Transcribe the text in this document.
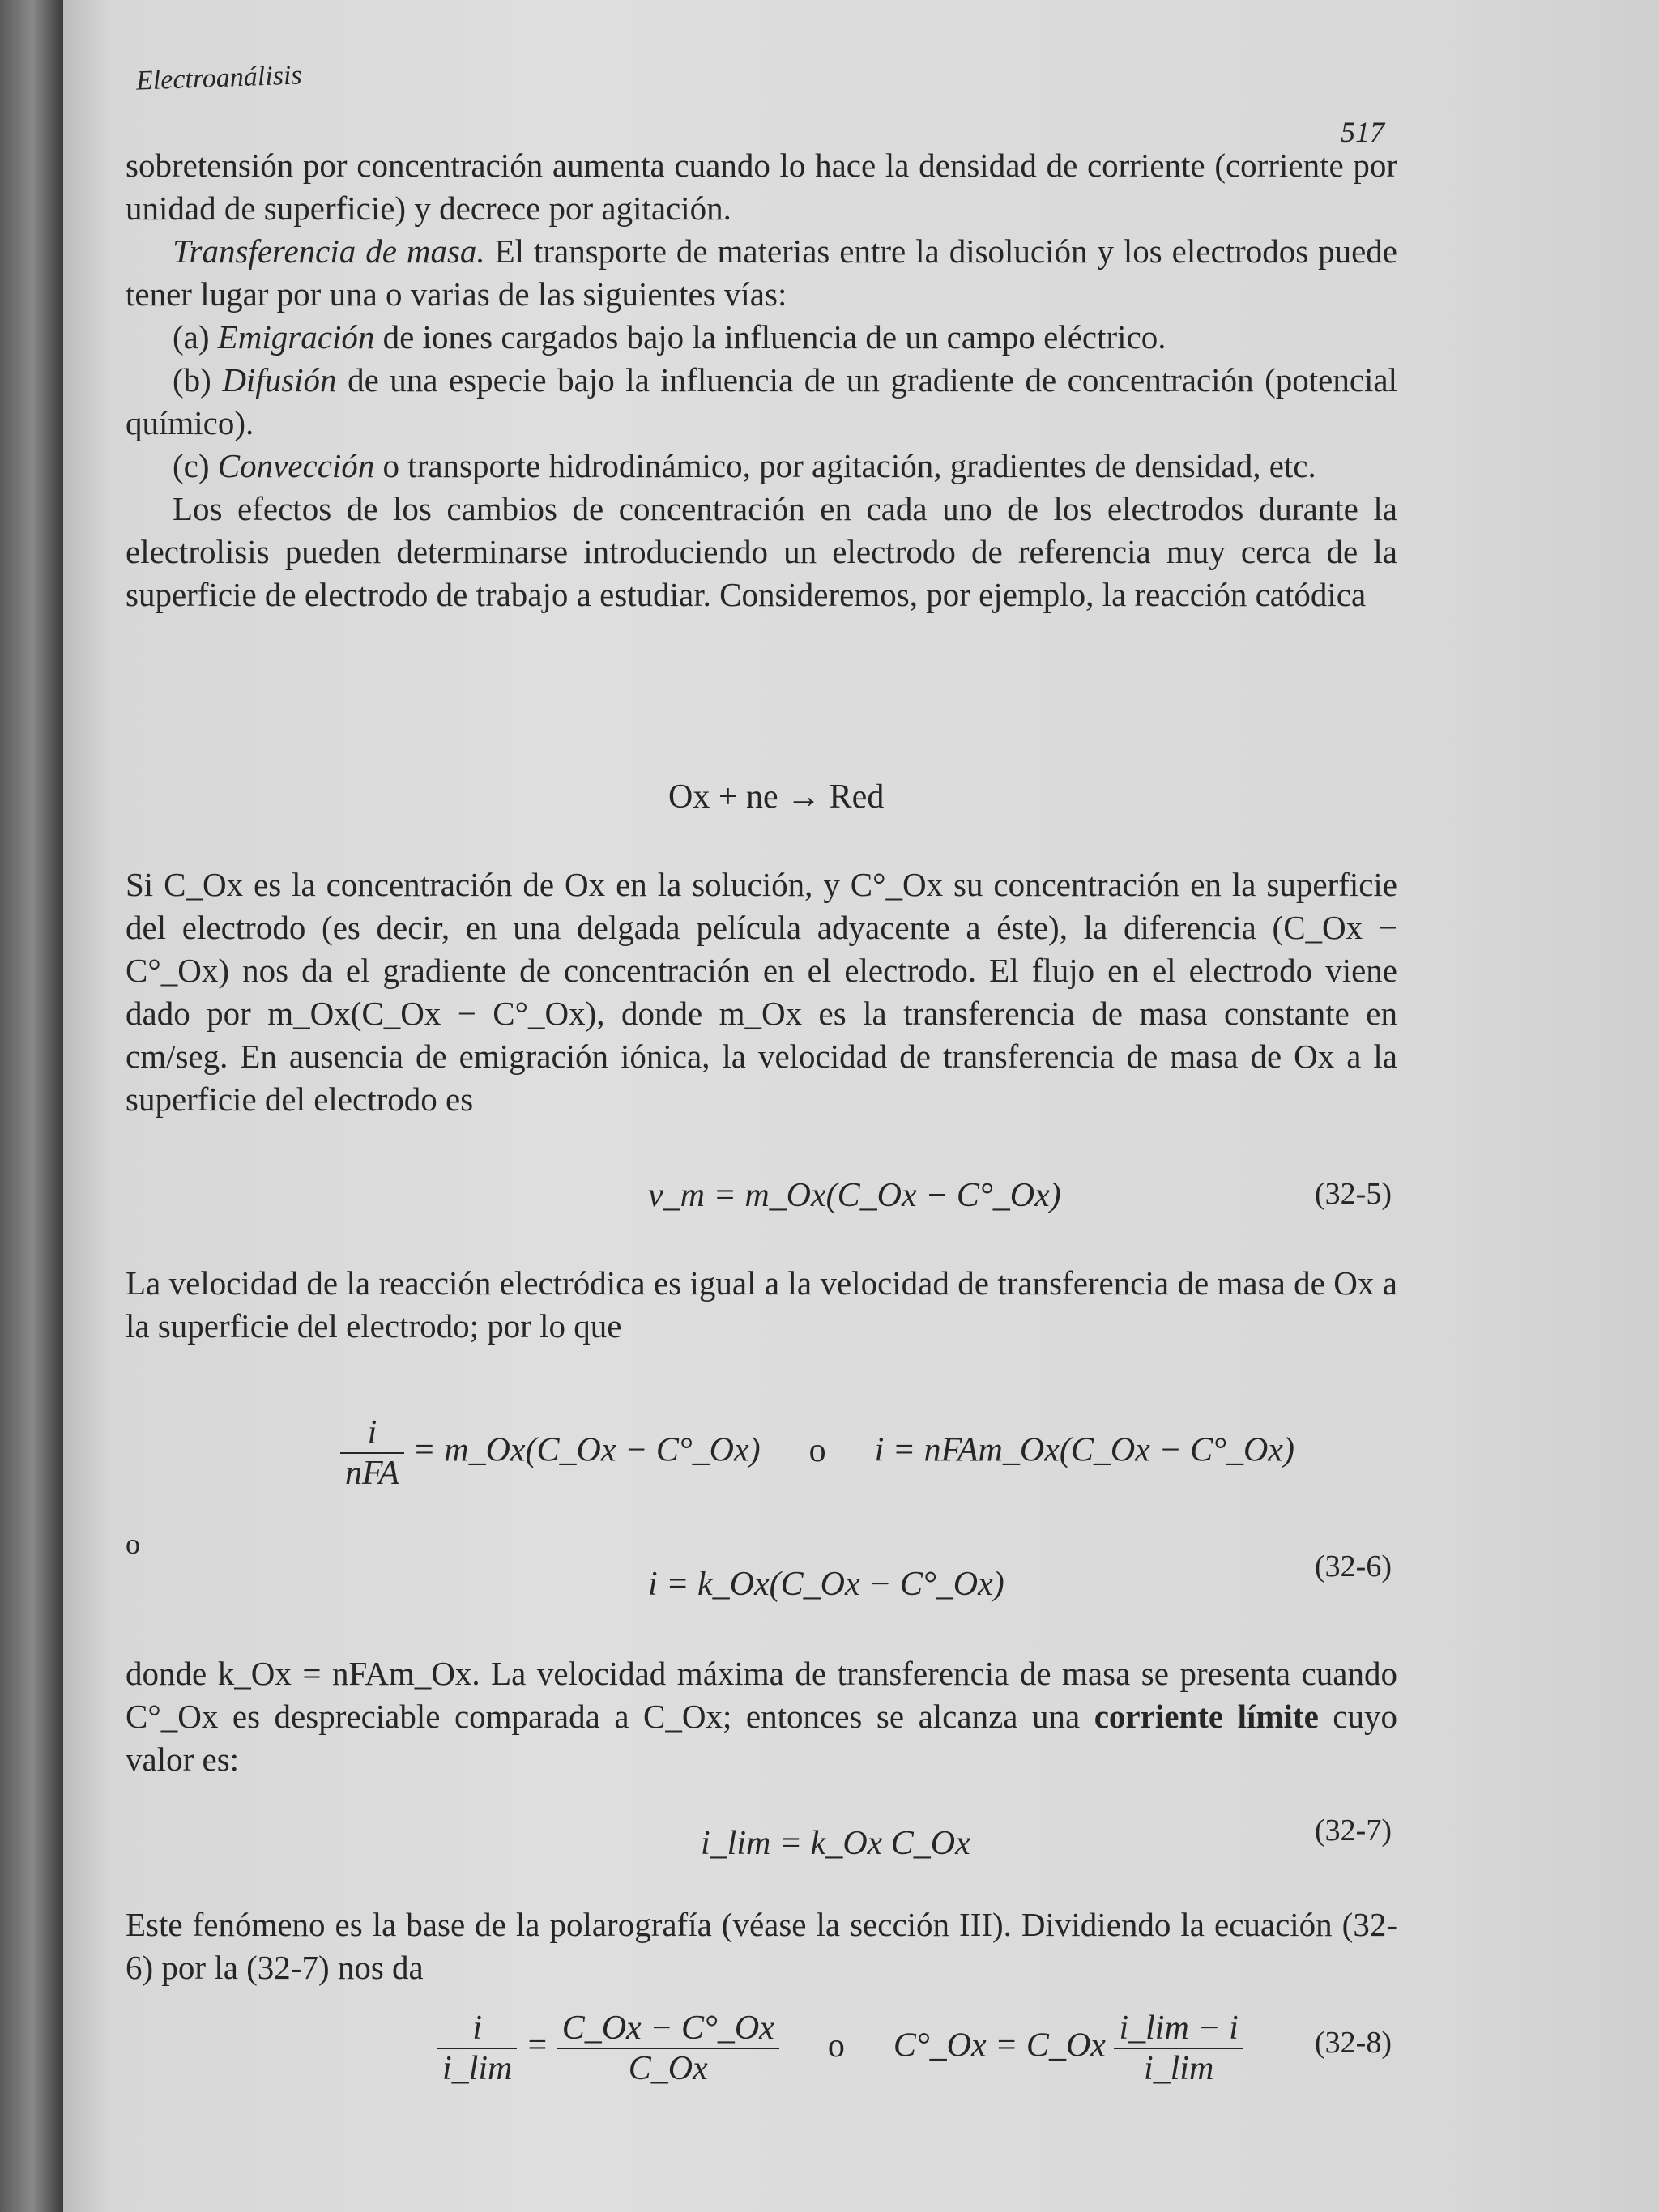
Electroanálisis
517

sobretensión por concentración aumenta cuando lo hace la densidad de corriente (corriente por unidad de superficie) y decrece por agitación.

Transferencia de masa. El transporte de materias entre la disolución y los electrodos puede tener lugar por una o varias de las siguientes vías:

(a) Emigración de iones cargados bajo la influencia de un campo eléctrico.

(b) Difusión de una especie bajo la influencia de un gradiente de concentración (potencial químico).

(c) Convección o transporte hidrodinámico, por agitación, gradientes de densidad, etc.

Los efectos de los cambios de concentración en cada uno de los electrodos durante la electrolisis pueden determinarse introduciendo un electrodo de referencia muy cerca de la superficie de electrodo de trabajo a estudiar. Consideremos, por ejemplo, la reacción catódica

Ox + ne → Red

Si C_Ox es la concentración de Ox en la solución, y C°_Ox su concentración en la superficie del electrodo (es decir, en una delgada película adyacente a éste), la diferencia (C_Ox − C°_Ox) nos da el gradiente de concentración en el electrodo. El flujo en el electrodo viene dado por m_Ox(C_Ox − C°_Ox), donde m_Ox es la transferencia de masa constante en cm/seg. En ausencia de emigración iónica, la velocidad de transferencia de masa de Ox a la superficie del electrodo es

v_m = m_Ox(C_Ox − C°_Ox)	(32-5)

La velocidad de la reacción electródica es igual a la velocidad de transferencia de masa de Ox a la superficie del electrodo; por lo que

$\frac{i}{\text{nFA}}$ = m_Ox(C_Ox − C°_Ox) o i = nFAm_Ox(C_Ox − C°_Ox)

o

i = k_Ox(C_Ox − C°_Ox)	(32-6)

donde k_Ox = nFAm_Ox. La velocidad máxima de transferencia de masa se presenta cuando C°_Ox es despreciable comparada a C_Ox; entonces se alcanza una corriente límite cuyo valor es:

i_lim = k_Ox C_Ox	(32-7)

Este fenómeno es la base de la polarografía (véase la sección III). Dividiendo la ecuación (32-6) por la (32-7) nos da

$\frac{i}{i\_\lim} = \frac{C\_Ox - C^\circ\_Ox}{C\_Ox}$ o C°_Ox = C_Ox $\frac{i\_\lim - i}{i\_\lim} (32-8)$
